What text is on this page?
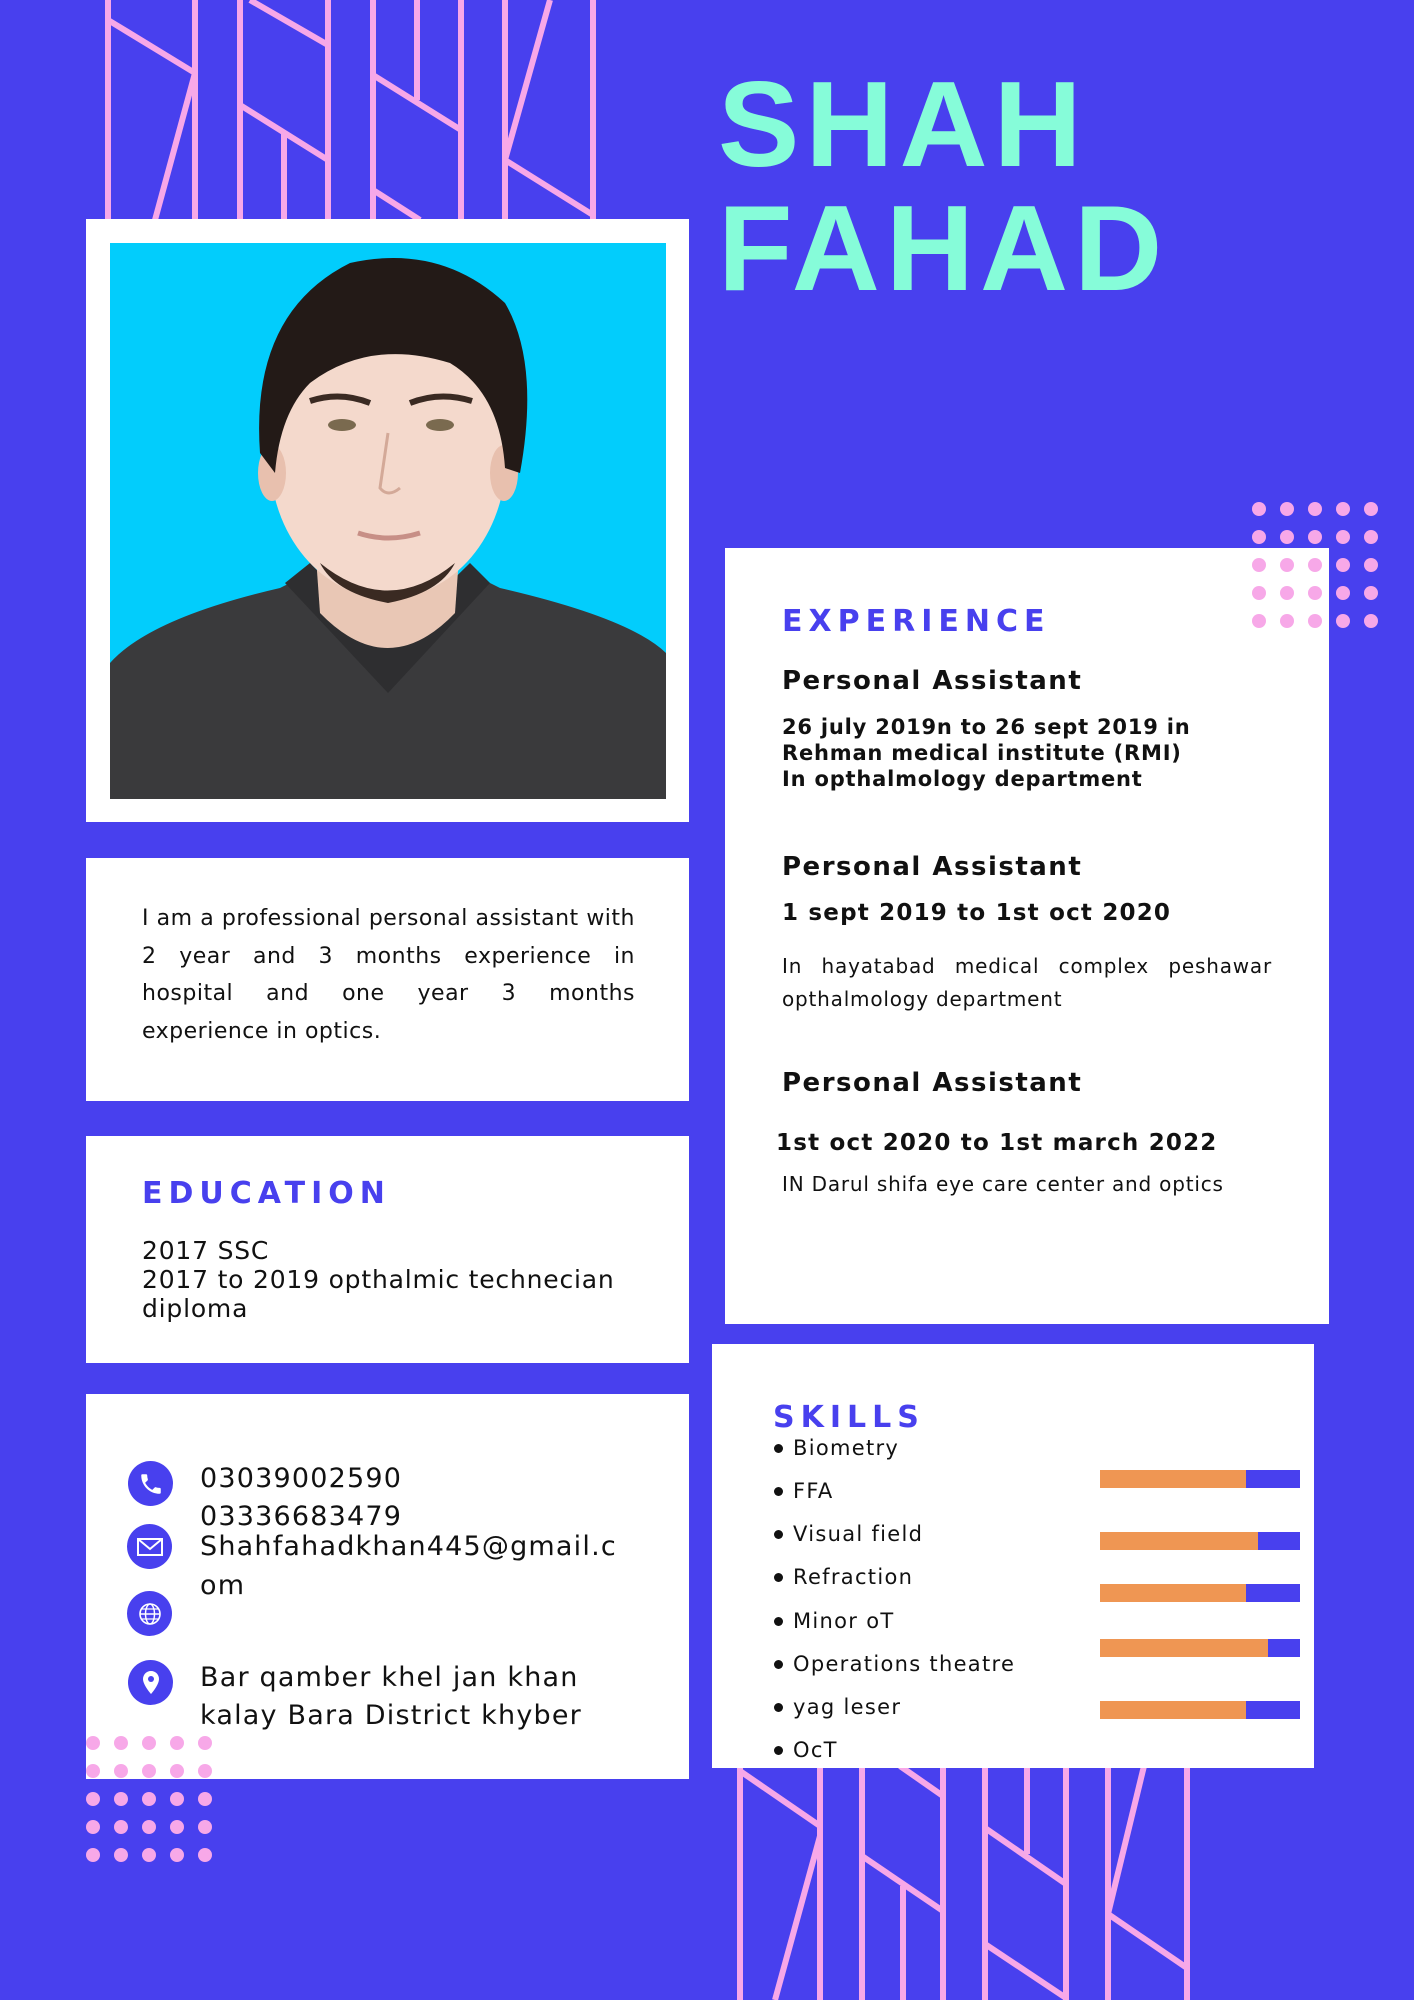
SHAH
FAHAD

I am a professional personal assistant with 2 year and 3 months experience in hospital and one year 3 months experience in optics.

EDUCATION
2017 SSC
2017 to 2019 opthalmic technecian
diploma
03039002590
03336683479
Shahfahadkhan445@gmail.c
om
Bar qamber khel jan khan
kalay Bara District khyber
EXPERIENCE
Personal Assistant
26 july 2019n to 26 sept 2019 in
Rehman medical institute (RMI)
In opthalmology department
Personal Assistant
1 sept 2019 to 1st oct 2020
In hayatabad medical complex peshawar opthalmology department
Personal Assistant
1st oct 2020 to 1st march 2022
IN Darul shifa eye care center and optics
SKILLS
Biometry
FFA
Visual field
Refraction
Minor oT
Operations theatre
yag leser
OcT
